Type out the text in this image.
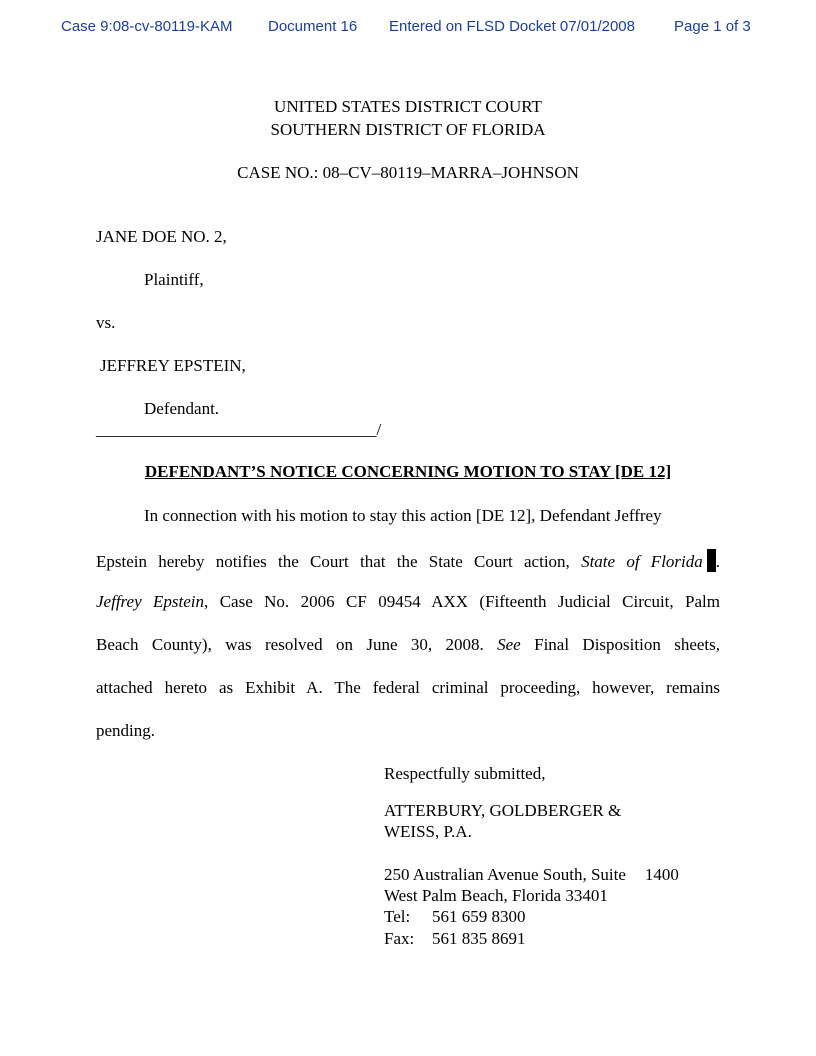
Case 9:08-cv-80119-KAM Document 16 Entered on FLSD Docket 07/01/2008	Page 1 of 3
UNITED STATES DISTRICT COURT
SOUTHERN DISTRICT OF FLORIDA
CASE NO.: 08–CV–80119–MARRA–JOHNSON
JANE DOE NO. 2,
Plaintiff,
vs.
JEFFREY EPSTEIN,
Defendant.
_________________________________/
DEFENDANT’S NOTICE CONCERNING MOTION TO STAY [DE 12]
In connection with his motion to stay this action [DE 12], Defendant Jeffrey
Epstein hereby notifies the Court that the State Court action, State of Florida .
Jeffrey Epstein, Case No. 2006 CF 09454 AXX (Fifteenth Judicial Circuit, Palm
Beach County), was resolved on June 30, 2008. See Final Disposition sheets,
attached hereto as Exhibit A. The federal criminal proceeding, however, remains
pending.
Respectfully submitted,
ATTERBURY, GOLDBERGER &
WEISS, P.A.
250 Australian Avenue South, Suite 1400
West Palm Beach, Florida 33401
Tel: 561 659 8300
Fax: 561 835 8691
